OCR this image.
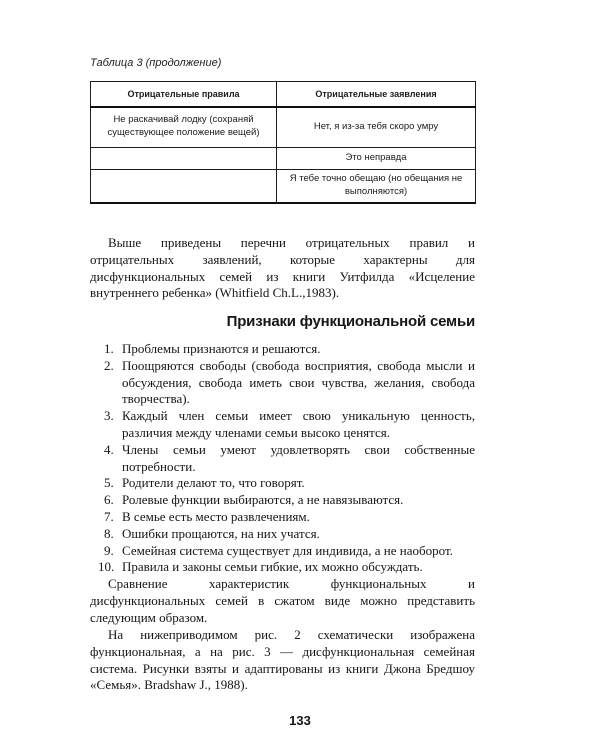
Таблица 3 (продолжение)
Отрицательные правила	Отрицательные заявления
Не раскачивай лодку (сохраняй существующее положение вещей)	Нет, я из-за тебя скоро умру
	Это неправда
	Я тебе точно обещаю (но обещания не выполняются)

Выше приведены перечни отрицательных правил и отрицательных заявлений, которые характерны для дисфункциональных семей из книги Уитфилда «Исцеление внутреннего ребенка» (Whitfield Ch.L.,1983).

Признаки функциональной семьи
1. Проблемы признаются и решаются.
2. Поощряются свободы (свобода восприятия, свобода мысли и обсуждения, свобода иметь свои чувства, желания, свобода творчества).
3. Каждый член семьи имеет свою уникальную ценность, различия между членами семьи высоко ценятся.
4. Члены семьи умеют удовлетворять свои собственные потребности.
5. Родители делают то, что говорят.
6. Ролевые функции выбираются, а не навязываются.
7. В семье есть место развлечениям.
8. Ошибки прощаются, на них учатся.
9. Семейная система существует для индивида, а не наоборот.
10. Правила и законы семьи гибкие, их можно обсуждать.

Сравнение характеристик функциональных и дисфункциональных семей в сжатом виде можно представить следующим образом.

На нижеприводимом рис. 2 схематически изображена функциональная, а на рис. 3 — дисфункциональная семейная система. Рисунки взяты и адаптированы из книги Джона Бредшоу «Семья». Bradshaw J., 1988).

133
